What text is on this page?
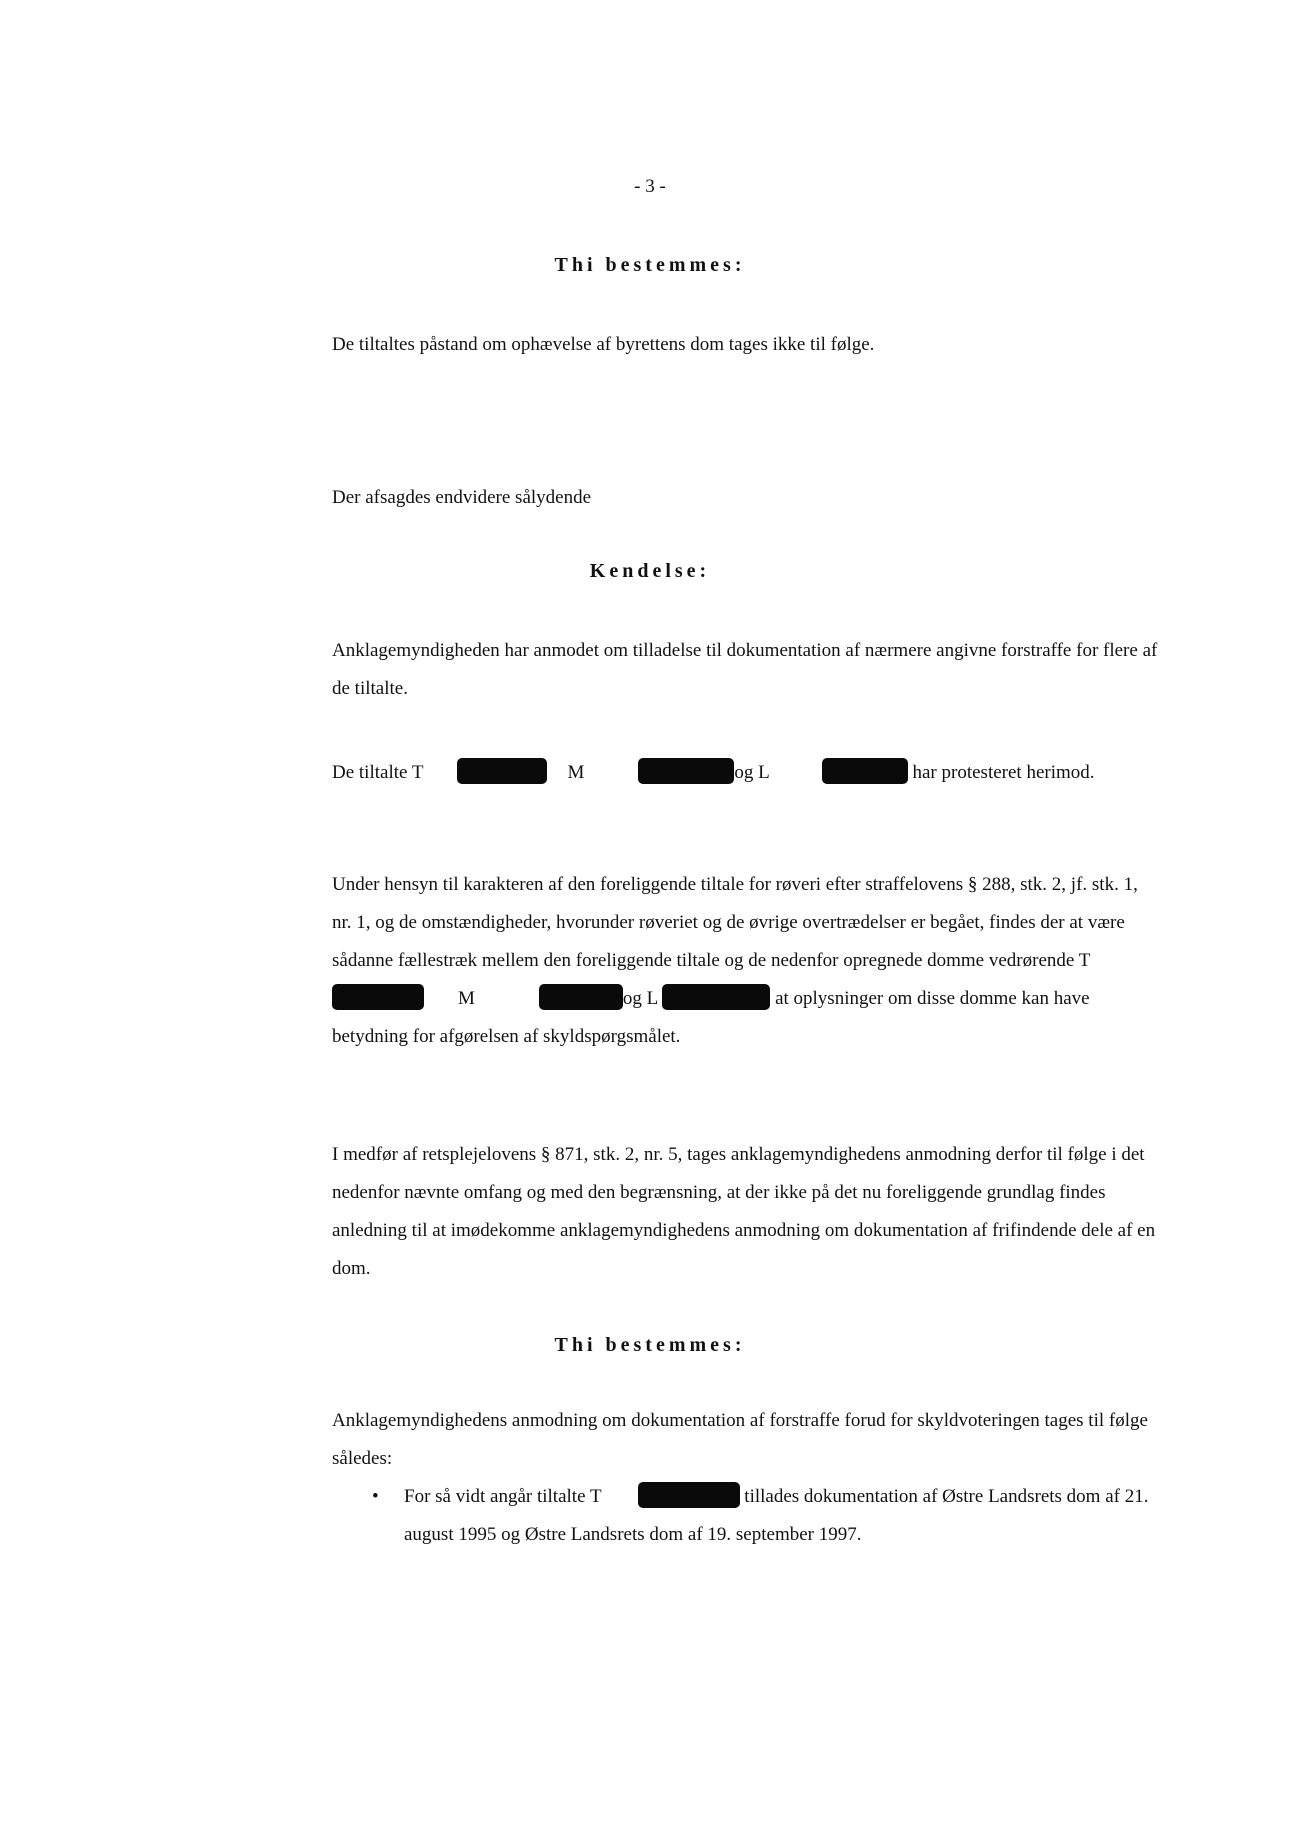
- 3 -
Thi bestemmes:
De tiltaltes påstand om ophævelse af byrettens dom tages ikke til følge.
Der afsagdes endvidere sålydende
Kendelse:
Anklagemyndigheden har anmodet om tilladelse til dokumentation af nærmere angivne forstraffe for flere af de tiltalte.
De tiltalte T	M	og L	har protesteret herimod.
Under hensyn til karakteren af den foreliggende tiltale for røveri efter straffelovens § 288, stk. 2, jf. stk. 1, nr. 1, og de omstændigheder, hvorunder røveriet og de øvrige overtrædelser er begået, findes der at være sådanne fællestræk mellem den foreliggende tiltale og de nedenfor opregnede domme vedrørende TM	og L	at oplysninger om disse domme kan have betydning for afgørelsen af skyldspørgsmålet.
I medfør af retsplejelovens § 871, stk. 2, nr. 5, tages anklagemyndighedens anmodning derfor til følge i det nedenfor nævnte omfang og med den begrænsning, at der ikke på det nu foreliggende grundlag findes anledning til at imødekomme anklagemyndighedens anmodning om dokumentation af frifindende dele af en dom.
Thi bestemmes:
Anklagemyndighedens anmodning om dokumentation af forstraffe forud for skyldvoteringen tages til følge således:
• For så vidt angår tiltalte T	tillades dokumentation af Østre Landsrets dom af 21. august 1995 og Østre Landsrets dom af 19. september 1997.
